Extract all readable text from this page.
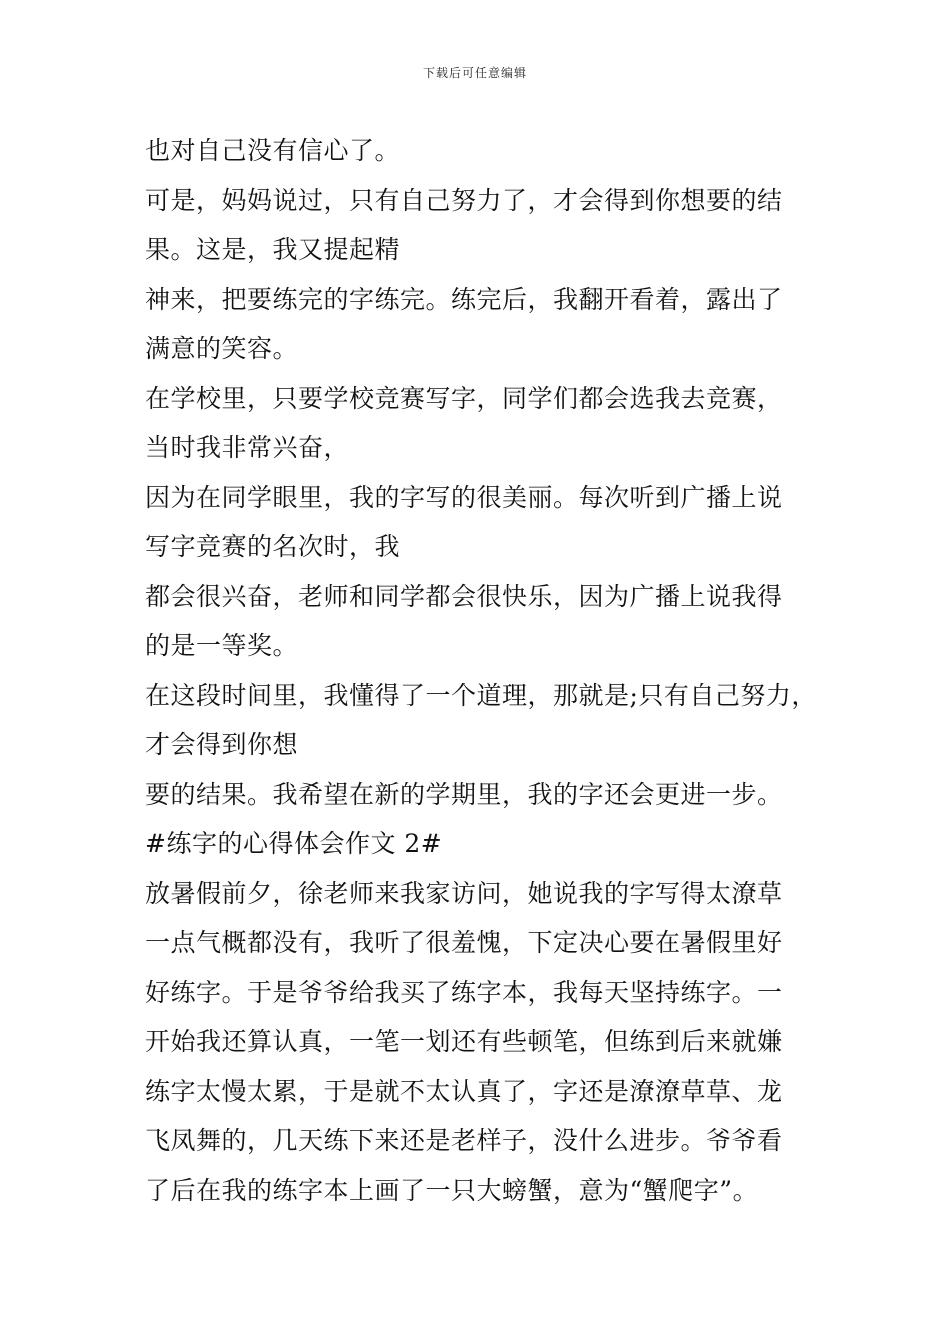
下载后可任意编辑
也对自己没有信心了。
可是，妈妈说过，只有自己努力了，才会得到你想要的结
果。这是，我又提起精
神来，把要练完的字练完。练完后，我翻开看着，露出了
满意的笑容。
在学校里，只要学校竞赛写字，同学们都会选我去竞赛，
当时我非常兴奋，
因为在同学眼里，我的字写的很美丽。每次听到广播上说
写字竞赛的名次时，我
都会很兴奋，老师和同学都会很快乐，因为广播上说我得
的是一等奖。
在这段时间里，我懂得了一个道理，那就是;只有自己努力，
才会得到你想
要的结果。我希望在新的学期里，我的字还会更进一步。
#练字的心得体会作文 2#
放暑假前夕，徐老师来我家访问，她说我的字写得太潦草
一点气概都没有，我听了很羞愧，下定决心要在暑假里好
好练字。于是爷爷给我买了练字本，我每天坚持练字。一
开始我还算认真，一笔一划还有些顿笔，但练到后来就嫌
练字太慢太累，于是就不太认真了，字还是潦潦草草、龙
飞凤舞的，几天练下来还是老样子，没什么进步。爷爷看
了后在我的练字本上画了一只大螃蟹，意为“蟹爬字”。
